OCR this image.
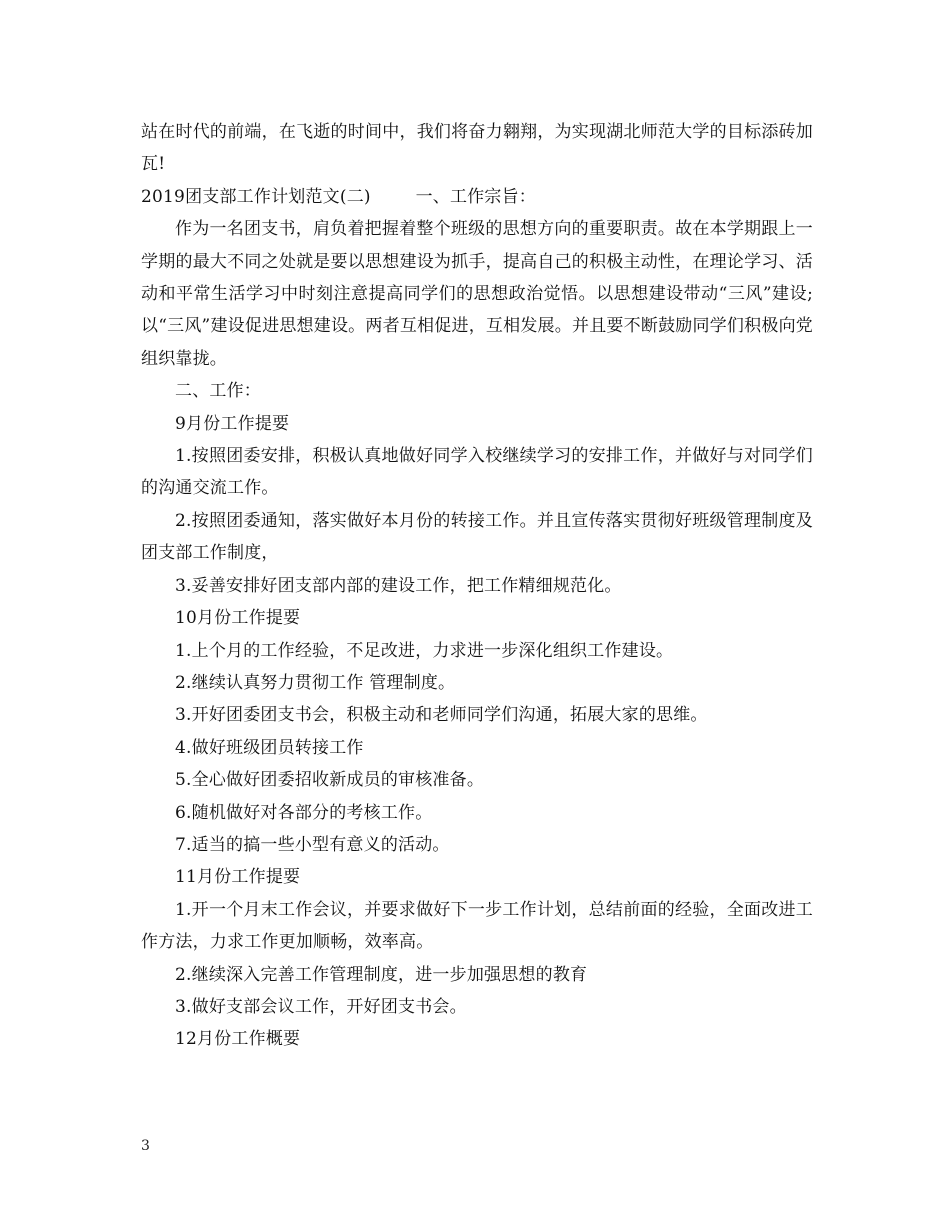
站在时代的前端，在飞逝的时间中，我们将奋力翱翔，为实现湖北师范大学的目标添砖加瓦!

2019团支部工作计划范文(二)	一、工作宗旨：

作为一名团支书，肩负着把握着整个班级的思想方向的重要职责。故在本学期跟上一学期的最大不同之处就是要以思想建设为抓手，提高自己的积极主动性，在理论学习、活动和平常生活学习中时刻注意提高同学们的思想政治觉悟。以思想建设带动“三风”建设;以“三风”建设促进思想建设。两者互相促进，互相发展。并且要不断鼓励同学们积极向党组织靠拢。

二、工作：

9月份工作提要

1.按照团委安排，积极认真地做好同学入校继续学习的安排工作，并做好与对同学们的沟通交流工作。

2.按照团委通知，落实做好本月份的转接工作。并且宣传落实贯彻好班级管理制度及团支部工作制度，

3.妥善安排好团支部内部的建设工作，把工作精细规范化。

10月份工作提要

1.上个月的工作经验，不足改进，力求进一步深化组织工作建设。

2.继续认真努力贯彻工作 管理制度。

3.开好团委团支书会，积极主动和老师同学们沟通，拓展大家的思维。

4.做好班级团员转接工作

5.全心做好团委招收新成员的审核准备。

6.随机做好对各部分的考核工作。

7.适当的搞一些小型有意义的活动。

11月份工作提要

1.开一个月末工作会议，并要求做好下一步工作计划，总结前面的经验，全面改进工作方法，力求工作更加顺畅，效率高。

2.继续深入完善工作管理制度，进一步加强思想的教育

3.做好支部会议工作，开好团支书会。

12月份工作概要

3
